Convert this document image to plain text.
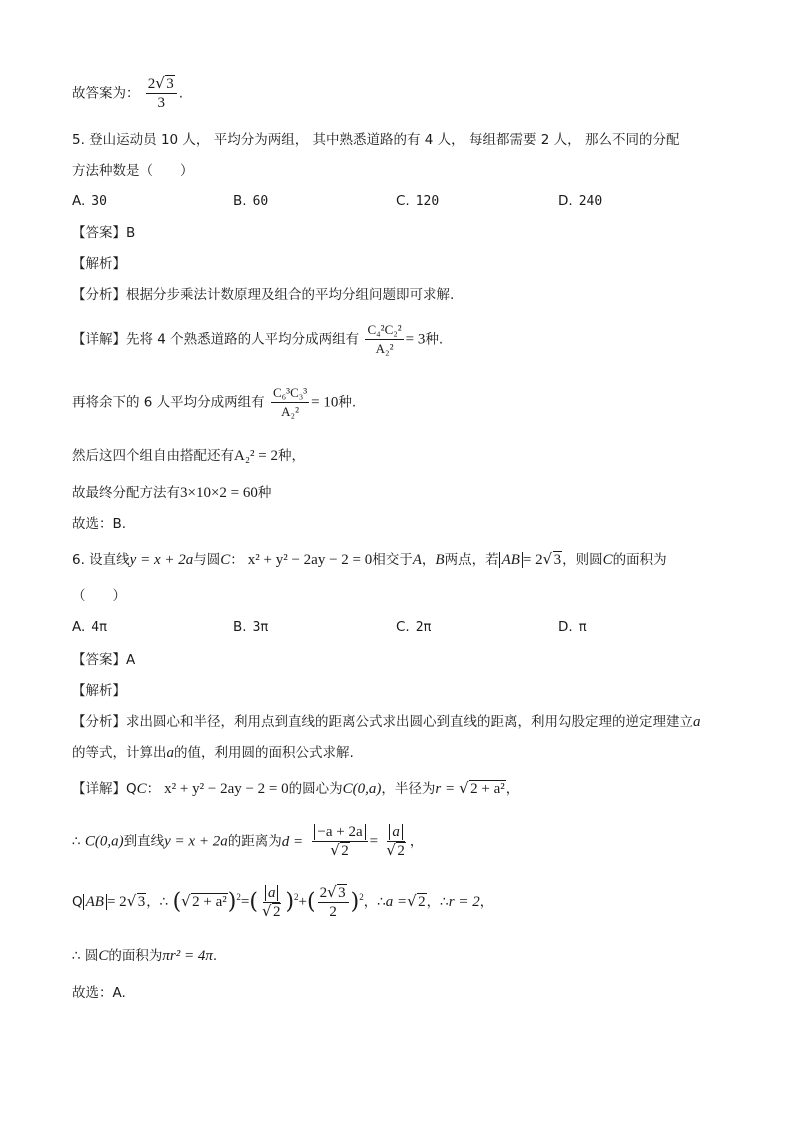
故答案为： $\frac{2 √ 3}{3}$ .
5. 登山运动员 10 人， 平均分为两组， 其中熟悉道路的有 4 人， 每组都需要 2 人， 那么不同的分配
方法种数是（　　）
A. 30	B. 60	C. 120	D. 240
【答案】B
【解析】
【分析】根据分步乘法计数原理及组合的平均分组问题即可求解.
【详解】先将 4 个熟悉道路的人平均分成两组有 $\frac{\text{C₄²C₂²}}{\text{A₂²}} = 3$种.
再将余下的 6 人平均分成两组有 $\frac{\text{C₆³C₃³}}{\text{A₂²}} = 10$种.
然后这四个组自由搭配还有A₂² = 2种，
故最终分配方法有3×10×2 = 60种
故选：B.
6. 设直线y = x + 2a与圆C： x² + y² − 2ay − 2 = 0相交于A，B两点，若 AB = 2 √ 3，则圆C的面积为
（　　）
A. 4π	B. 3π	C. 2π	D. π
【答案】A
【解析】
【分析】求出圆心和半径，利用点到直线的距离公式求出圆心到直线的距离，利用勾股定理的逆定理建立a
的等式，计算出a的值，利用圆的面积公式求解.
【详解】QC： x² + y² − 2ay − 2 = 0的圆心为C(0,a)，半径为r = √ 2 + a²，
∴ C(0,a)到直线y = x + 2a的距离为d = −a + 2a
√ 2 = a
√ 2 ，
Q AB = 2 √ 3，∴ ( √ 2 + a²)$^2$=( a
√ 2 )$^2+( \frac{2 √ 3}{2} )^2$，∴a = √ 2，∴r = 2，
∴ 圆C的面积为πr² = 4π.
故选：A.
